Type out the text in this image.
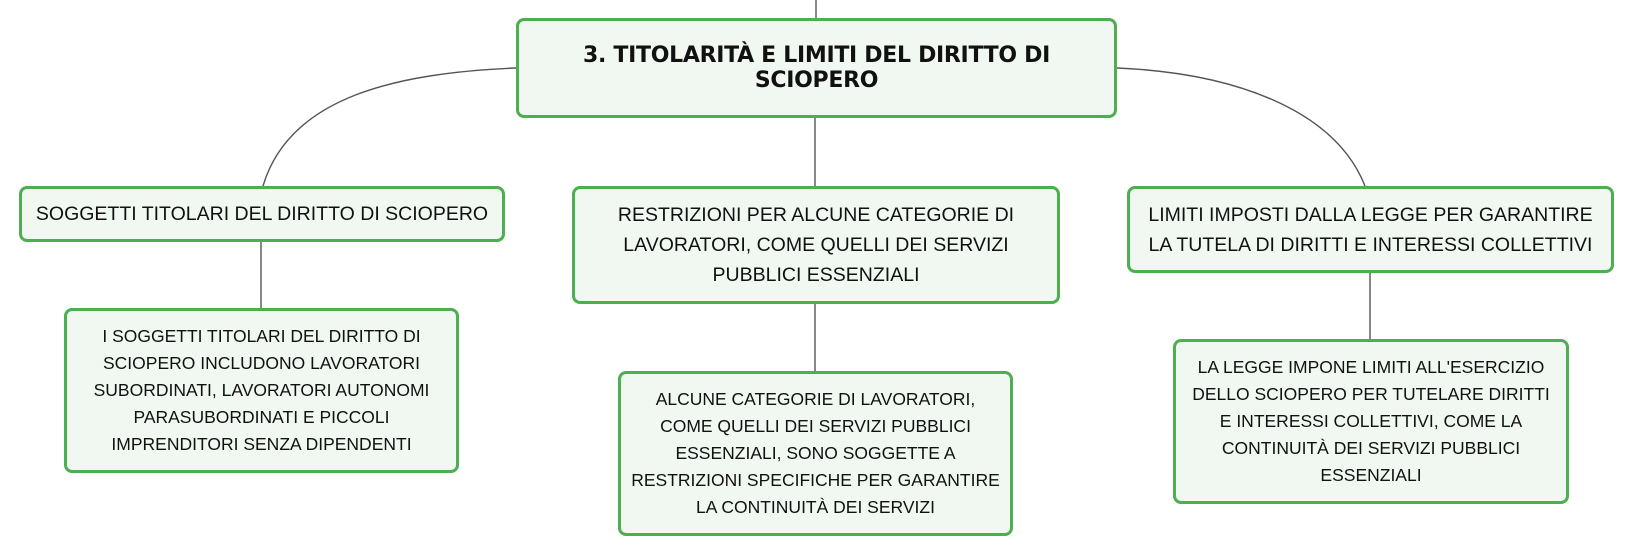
3. TITOLARITÀ E LIMITI DEL DIRITTO DI SCIOPERO
SOGGETTI TITOLARI DEL DIRITTO DI SCIOPERO	RESTRIZIONI PER ALCUNE CATEGORIE DI LAVORATORI, COME QUELLI DEI SERVIZI PUBBLICI ESSENZIALI
LIMITI IMPOSTI DALLA LEGGE PER GARANTIRE LA TUTELA DI DIRITTI E INTERESSI COLLETTIVI
I SOGGETTI TITOLARI DEL DIRITTO DI SCIOPERO INCLUDONO LAVORATORI SUBORDINATI, LAVORATORI AUTONOMI PARASUBORDINATI E PICCOLI IMPRENDITORI SENZA DIPENDENTI
ALCUNE CATEGORIE DI LAVORATORI, COME QUELLI DEI SERVIZI PUBBLICI ESSENZIALI, SONO SOGGETTE A RESTRIZIONI SPECIFICHE PER GARANTIRE LA CONTINUITÀ DEI SERVIZI
LA LEGGE IMPONE LIMITI ALL'ESERCIZIO DELLO SCIOPERO PER TUTELARE DIRITTI E INTERESSI COLLETTIVI, COME LA CONTINUITÀ DEI SERVIZI PUBBLICI ESSENZIALI
